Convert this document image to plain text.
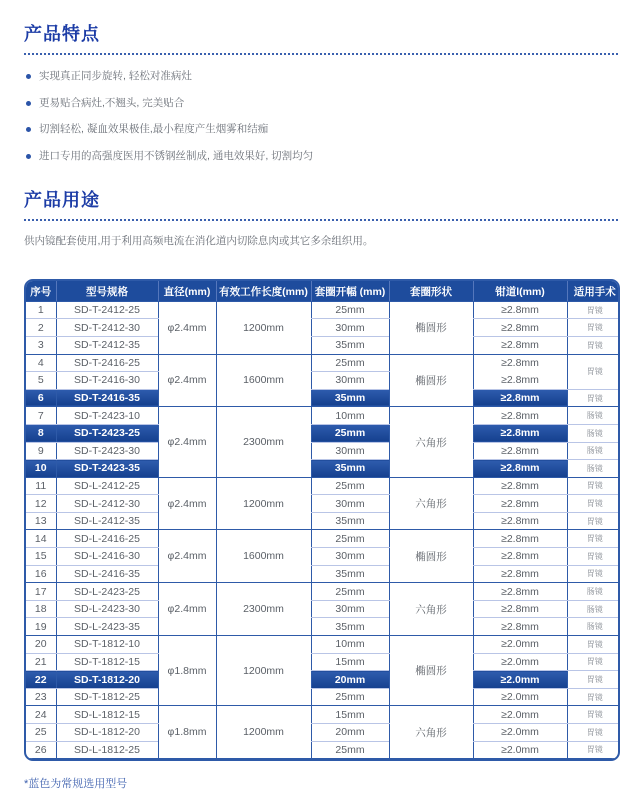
产品特点
实现真正同步旋转, 轻松对准病灶
更易贴合病灶,不翘头, 完美贴合
切割轻松, 凝血效果极佳,最小程度产生烟雾和结痂
进口专用的高强度医用不锈钢丝制成, 通电效果好, 切割均匀
产品用途

供内镜配套使用,用于利用高频电流在消化道内切除息肉或其它多余组织用。

序号	型号规格	直径(mm)	有效工作长度(mm)	套圈开幅 (mm)	套圈形状	钳道l(mm)	适用手术
1	SD-T-2412-25	φ2.4mm	1200mm	25mm	椭圆形	≥2.8mm	胃镜
2	SD-T-2412-30			30mm		≥2.8mm	胃镜
3	SD-T-2412-35			35mm		≥2.8mm	胃镜
4	SD-T-2416-25	φ2.4mm	1600mm	25mm	椭圆形	≥2.8mm	胃镜
5	SD-T-2416-30			30mm		≥2.8mm	
6	SD-T-2416-35			35mm		≥2.8mm	胃镜
7	SD-T-2423-10	φ2.4mm	2300mm	10mm	六角形	≥2.8mm	肠镜
8	SD-T-2423-25			25mm		≥2.8mm	肠镜
9	SD-T-2423-30			30mm		≥2.8mm	肠镜
10	SD-T-2423-35			35mm		≥2.8mm	肠镜
11	SD-L-2412-25	φ2.4mm	1200mm	25mm	六角形	≥2.8mm	胃镜
12	SD-L-2412-30			30mm		≥2.8mm	胃镜
13	SD-L-2412-35			35mm		≥2.8mm	胃镜
14	SD-L-2416-25	φ2.4mm	1600mm	25mm	椭圆形	≥2.8mm	胃镜
15	SD-L-2416-30			30mm		≥2.8mm	胃镜
16	SD-L-2416-35			35mm		≥2.8mm	胃镜
17	SD-L-2423-25	φ2.4mm	2300mm	25mm	六角形	≥2.8mm	肠镜
18	SD-L-2423-30			30mm		≥2.8mm	肠镜
19	SD-L-2423-35			35mm		≥2.8mm	肠镜
20	SD-T-1812-10	φ1.8mm	1200mm	10mm	椭圆形	≥2.0mm	胃镜
21	SD-T-1812-15			15mm		≥2.0mm	胃镜
22	SD-T-1812-20			20mm		≥2.0mm	胃镜
23	SD-T-1812-25			25mm		≥2.0mm	胃镜
24	SD-L-1812-15	φ1.8mm	1200mm	15mm	六角形	≥2.0mm	胃镜
25	SD-L-1812-20			20mm		≥2.0mm	胃镜
26	SD-L-1812-25			25mm		≥2.0mm	胃镜

*蓝色为常规选用型号
